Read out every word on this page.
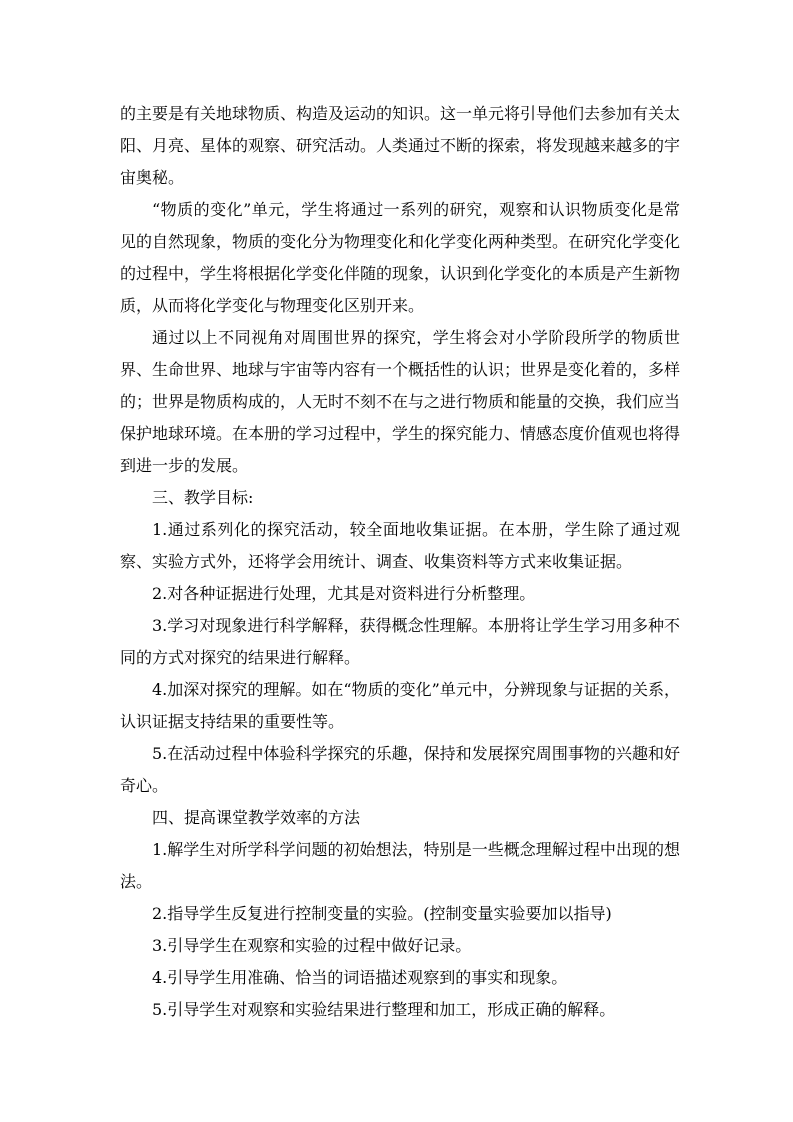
的主要是有关地球物质、构造及运动的知识。这一单元将引导他们去参加有关太阳、月亮、星体的观察、研究活动。人类通过不断的探索，将发现越来越多的宇宙奥秘。

“物质的变化”单元，学生将通过一系列的研究，观察和认识物质变化是常见的自然现象，物质的变化分为物理变化和化学变化两种类型。在研究化学变化的过程中，学生将根据化学变化伴随的现象，认识到化学变化的本质是产生新物质，从而将化学变化与物理变化区别开来。

通过以上不同视角对周围世界的探究，学生将会对小学阶段所学的物质世界、生命世界、地球与宇宙等内容有一个概括性的认识；世界是变化着的，多样的；世界是物质构成的，人无时不刻不在与之进行物质和能量的交换，我们应当保护地球环境。在本册的学习过程中，学生的探究能力、情感态度价值观也将得到进一步的发展。

三、教学目标:

1.通过系列化的探究活动，较全面地收集证据。在本册，学生除了通过观察、实验方式外，还将学会用统计、调查、收集资料等方式来收集证据。

2.对各种证据进行处理，尤其是对资料进行分析整理。

3.学习对现象进行科学解释，获得概念性理解。本册将让学生学习用多种不同的方式对探究的结果进行解释。

4.加深对探究的理解。如在“物质的变化”单元中，分辨现象与证据的关系，认识证据支持结果的重要性等。

5.在活动过程中体验科学探究的乐趣，保持和发展探究周围事物的兴趣和好奇心。

四、提高课堂教学效率的方法

1.解学生对所学科学问题的初始想法，特别是一些概念理解过程中出现的想法。

2.指导学生反复进行控制变量的实验。(控制变量实验要加以指导)

3.引导学生在观察和实验的过程中做好记录。

4.引导学生用准确、恰当的词语描述观察到的事实和现象。

5.引导学生对观察和实验结果进行整理和加工，形成正确的解释。
